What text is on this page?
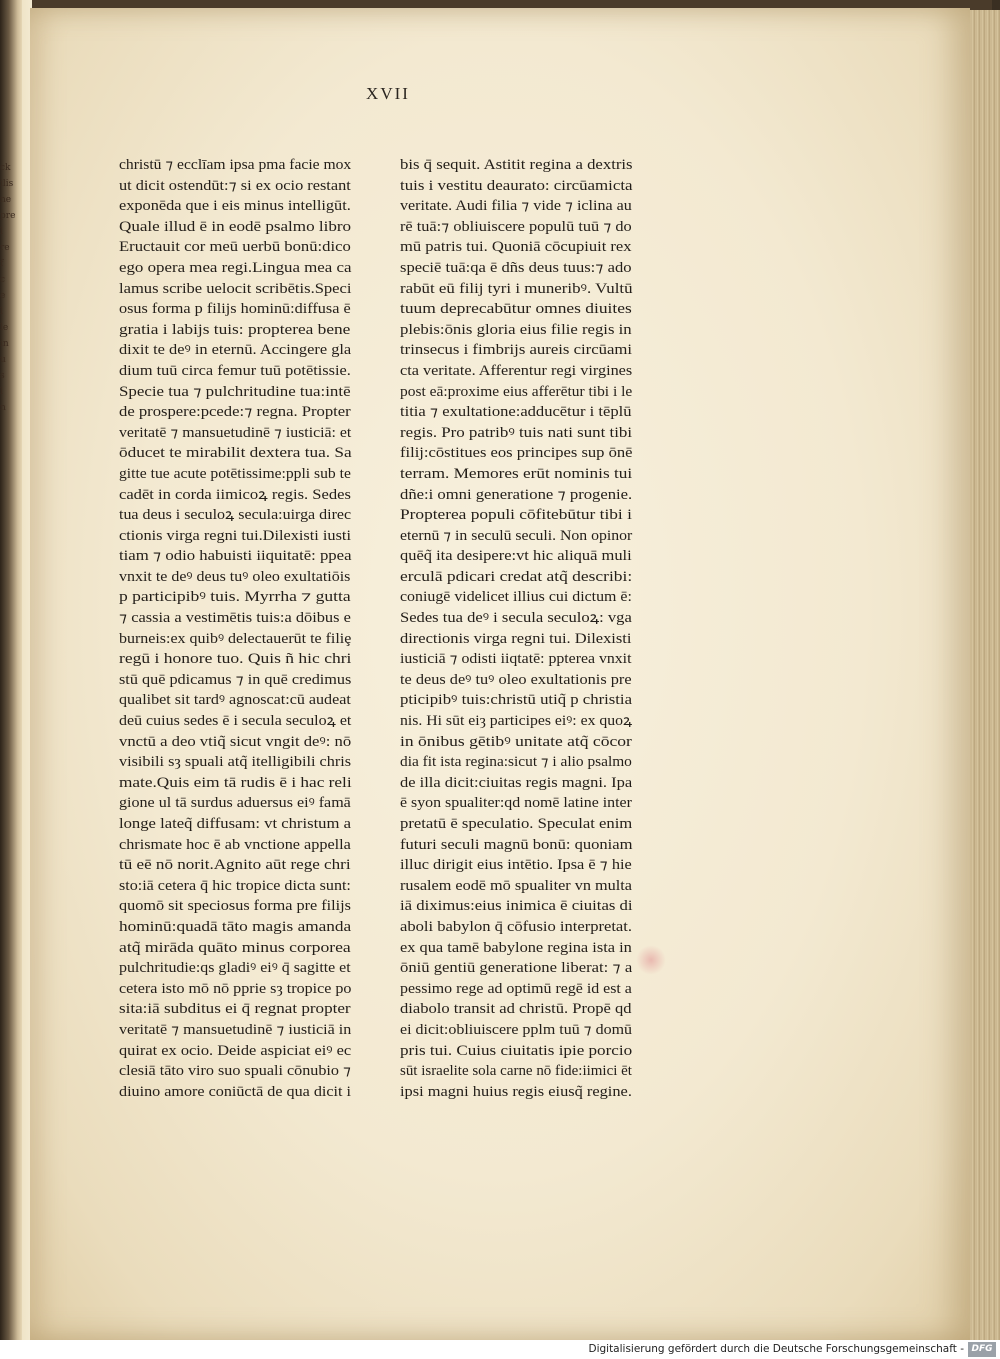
ck
ilis
ne
pre
l
re
f
c
e
l
le
in
u
s
l
n
XVII
christū ⁊ ecclīam ipsa pma facie mox
ut dicit ostendūt:⁊ si ex ocio restant
exponēda que i eis minus intelligūt.
Quale illud ē in eodē psalmo libro
Eructauit cor meū uerbū bonū:dico
ego opera mea regi.Lingua mea ca
lamus scribe uelocit scribētis.Speci
osus forma p filijs hominū:diffusa ē
gratia i labijs tuis: propterea bene
dixit te deꝰ in eternū. Accingere gla
dium tuū circa femur tuū potētissie.
Specie tua ⁊ pulchritudine tua:intē
de prospere:pcede:⁊ regna. Propter
veritatē ⁊ mansuetudinē ⁊ iusticiā: et
ōducet te mirabilit dextera tua. Sa
gitte tue acute potētissime:ppli sub te
cadēt in corda iimicoꝝ regis. Sedes
tua deus i seculoꝝ secula:uirga direc
ctionis virga regni tui.Dilexisti iusti
tiam ⁊ odio habuisti iiquitatē: ppea
vnxit te deꝰ deus tuꝰ oleo exultatiōis
p participibꝰ tuis. Myrrha ⁊ gutta
⁊ cassia a vestimētis tuis:a dōibus e
burneis:ex quibꝰ delectauerūt te filiȩ
regū i honore tuo. Quis ñ hic chri
stū quē pdicamus ⁊ in quē credimus
qualibet sit tardꝰ agnoscat:cū audeat
deū cuius sedes ē i secula seculoꝝ et
vnctū a deo vtiq̃ sicut vngit deꝰ: nō
visibili sȝ spuali atq̃ itelligibili chris
mate.Quis eim tā rudis ē i hac reli
gione ul tā surdus aduersus eiꝰ famā
longe lateq̃ diffusam: vt christum a
chrismate hoc ē ab vnctione appella
tū eē nō norit.Agnito aūt rege chri
sto:iā cetera q̄ hic tropice dicta sunt:
quomō sit speciosus forma pre filijs
hominū:quadā tāto magis amanda
atq̃ mirāda quāto minus corporea
pulchritudie:qs gladiꝰ eiꝰ q̄ sagitte et
cetera isto mō nō pprie sȝ tropice po
sita:iā subditus ei q̄ regnat propter
veritatē ⁊ mansuetudinē ⁊ iusticiā in
quirat ex ocio. Deide aspiciat eiꝰ ec
clesiā tāto viro suo spuali cōnubio ⁊
diuino amore coniūctā de qua dicit i
bis q̄ sequit. Astitit regina a dextris
tuis i vestitu deaurato: circūamicta
veritate. Audi filia ⁊ vide ⁊ iclina au
rē tuā:⁊ obliuiscere populū tuū ⁊ do
mū patris tui. Quoniā cōcupiuit rex
speciē tuā:qa ē dñs deus tuus:⁊ ado
rabūt eū filij tyri i muneribꝰ. Vultū
tuum deprecabūtur omnes diuites
plebis:ōnis gloria eius filie regis in
trinsecus i fimbrijs aureis circūami
cta veritate. Afferentur regi virgines
post eā:proxime eius afferētur tibi i le
titia ⁊ exultatione:adducētur i tēplū
regis. Pro patribꝰ tuis nati sunt tibi
filij:cōstitues eos principes sup ōnē
terram. Memores erūt nominis tui
dñe:i omni generatione ⁊ progenie.
Propterea populi cōfitebūtur tibi i
eternū ⁊ in seculū seculi. Non opinor
quēq̃ ita desipere:vt hic aliquā muli
erculā pdicari credat atq̃ describi:
coniugē videlicet illius cui dictum ē:
Sedes tua deꝰ i secula seculoꝝ: vga
directionis virga regni tui. Dilexisti
iusticiā ⁊ odisti iiqtatē: ppterea vnxit
te deus deꝰ tuꝰ oleo exultationis pre
pticipibꝰ tuis:christū utiq̃ p christia
nis. Hi sūt eiȝ participes eiꝰ: ex quoꝝ
in ōnibus gētibꝰ unitate atq̃ cōcor
dia fit ista regina:sicut ⁊ i alio psalmo
de illa dicit:ciuitas regis magni. Ipa
ē syon spualiter:qd nomē latine inter
pretatū ē speculatio. Speculat enim
futuri seculi magnū bonū: quoniam
illuc dirigit eius intētio. Ipsa ē ⁊ hie
rusalem eodē mō spualiter vn multa
iā diximus:eius inimica ē ciuitas di
aboli babylon q̄ cōfusio interpretat.
ex qua tamē babylone regina ista in
ōniū gentiū generatione liberat: ⁊ a
pessimo rege ad optimū regē id est a
diabolo transit ad christū. Propē qd
ei dicit:obliuiscere pplm tuū ⁊ domū
pris tui. Cuius ciuitatis ipie porcio
sūt israelite sola carne nō fide:iimici ēt
ipsi magni huius regis eiusq̃ regine.
Digitalisierung gefördert durch die Deutsche Forschungsgemeinschaft - DFG
